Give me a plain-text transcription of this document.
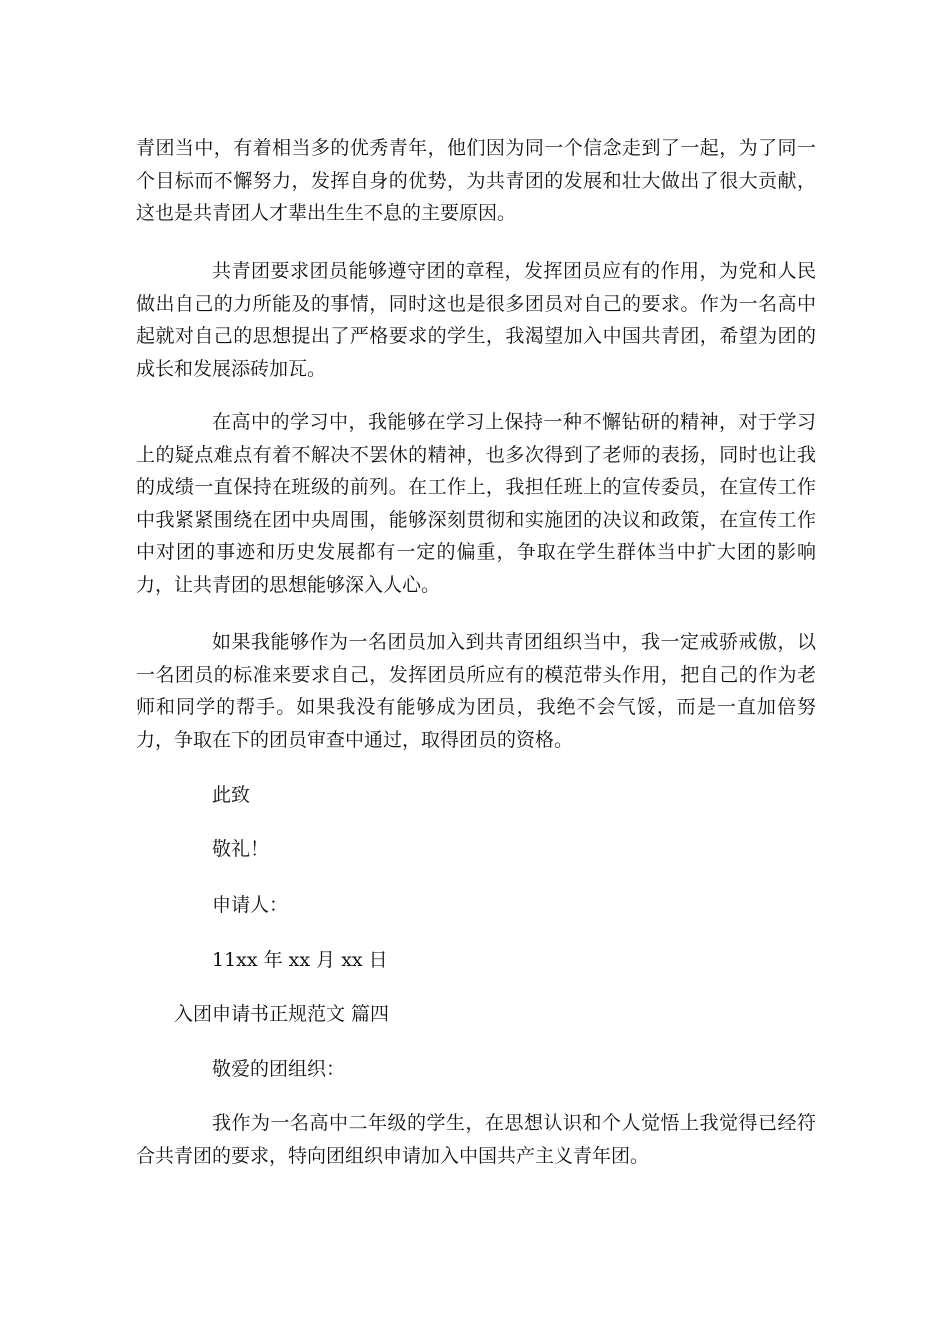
青团当中，有着相当多的优秀青年，他们因为同一个信念走到了一起，为了同一个目标而不懈努力，发挥自身的优势，为共青团的发展和壮大做出了很大贡献，这也是共青团人才辈出生生不息的主要原因。

共青团要求团员能够遵守团的章程，发挥团员应有的作用，为党和人民做出自己的力所能及的事情，同时这也是很多团员对自己的要求。作为一名高中起就对自己的思想提出了严格要求的学生，我渴望加入中国共青团，希望为团的成长和发展添砖加瓦。

在高中的学习中，我能够在学习上保持一种不懈钻研的精神，对于学习上的疑点难点有着不解决不罢休的精神，也多次得到了老师的表扬，同时也让我的成绩一直保持在班级的前列。在工作上，我担任班上的宣传委员，在宣传工作中我紧紧围绕在团中央周围，能够深刻贯彻和实施团的决议和政策，在宣传工作中对团的事迹和历史发展都有一定的偏重，争取在学生群体当中扩大团的影响力，让共青团的思想能够深入人心。

如果我能够作为一名团员加入到共青团组织当中，我一定戒骄戒傲，以一名团员的标准来要求自己，发挥团员所应有的模范带头作用，把自己的作为老师和同学的帮手。如果我没有能够成为团员，我绝不会气馁，而是一直加倍努力，争取在下的团员审查中通过，取得团员的资格。

此致

敬礼！

申请人：

11xx 年 xx 月 xx 日

入团申请书正规范文 篇四

敬爱的团组织：

我作为一名高中二年级的学生，在思想认识和个人觉悟上我觉得已经符合共青团的要求，特向团组织申请加入中国共产主义青年团。
